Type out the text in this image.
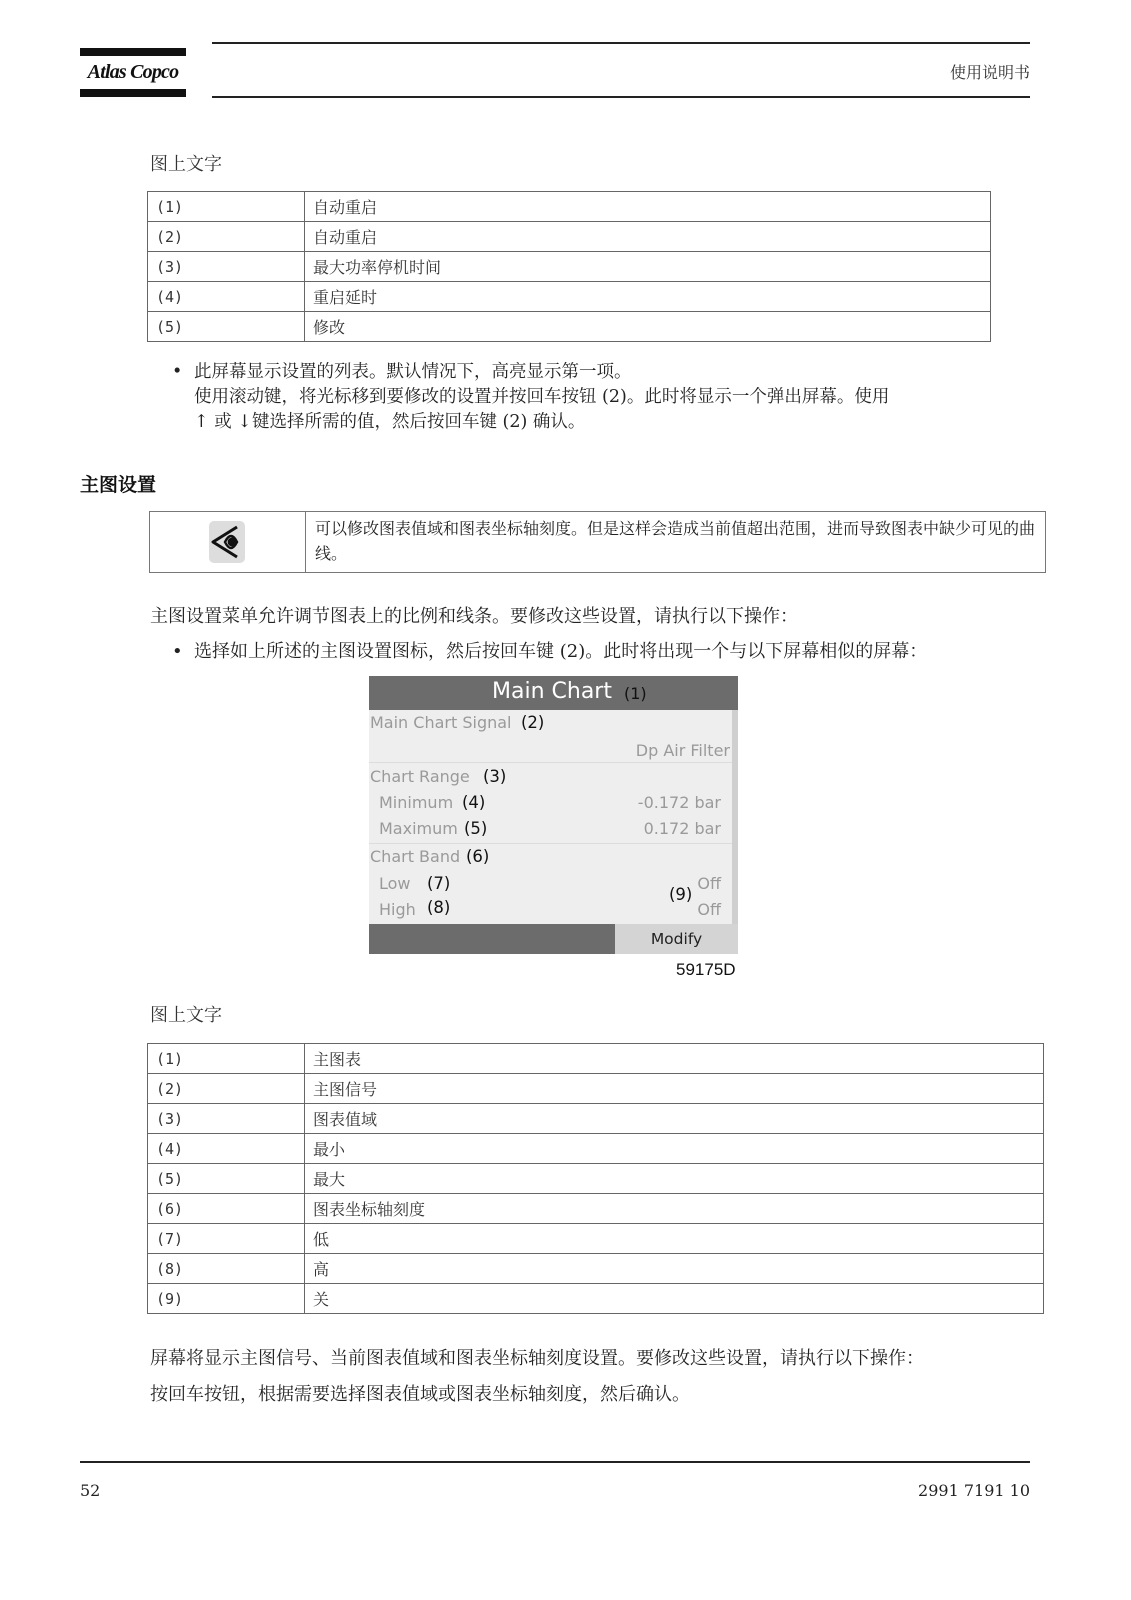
Atlas Copco	使用说明书
图上文字
(1)	自动重启
(2)	自动重启
(3)	最大功率停机时间
(4)	重启延时
(5)	修改
• 此屏幕显示设置的列表。默认情况下，高亮显示第一项。
使用滚动键，将光标移到要修改的设置并按回车按钮 (2)。此时将显示一个弹出屏幕。使用
↑ 或 ↓键选择所需的值，然后按回车键 (2) 确认。
主图设置
可以修改图表值域和图表坐标轴刻度。但是这样会造成当前值超出范围，进而导致图表中缺少可见的曲线。
主图设置菜单允许调节图表上的比例和线条。要修改这些设置，请执行以下操作：
• 选择如上所述的主图设置图标，然后按回车键 (2)。此时将出现一个与以下屏幕相似的屏幕：
Main Chart (1)
Main Chart Signal (2)
Dp Air Filter
Chart Range (3)
Minimum (4)	-0.172 bar
Maximum (5)	0.172 bar
Chart Band (6)
Low (7)	Off
(9)
High (8)	Off
Modify
59175D
图上文字
(1)	主图表
(2)	主图信号
(3)	图表值域
(4)	最小
(5)	最大
(6)	图表坐标轴刻度
(7)	低
(8)	高
(9)	关
屏幕将显示主图信号、当前图表值域和图表坐标轴刻度设置。要修改这些设置，请执行以下操作：
按回车按钮，根据需要选择图表值域或图表坐标轴刻度，然后确认。
52	2991 7191 10
